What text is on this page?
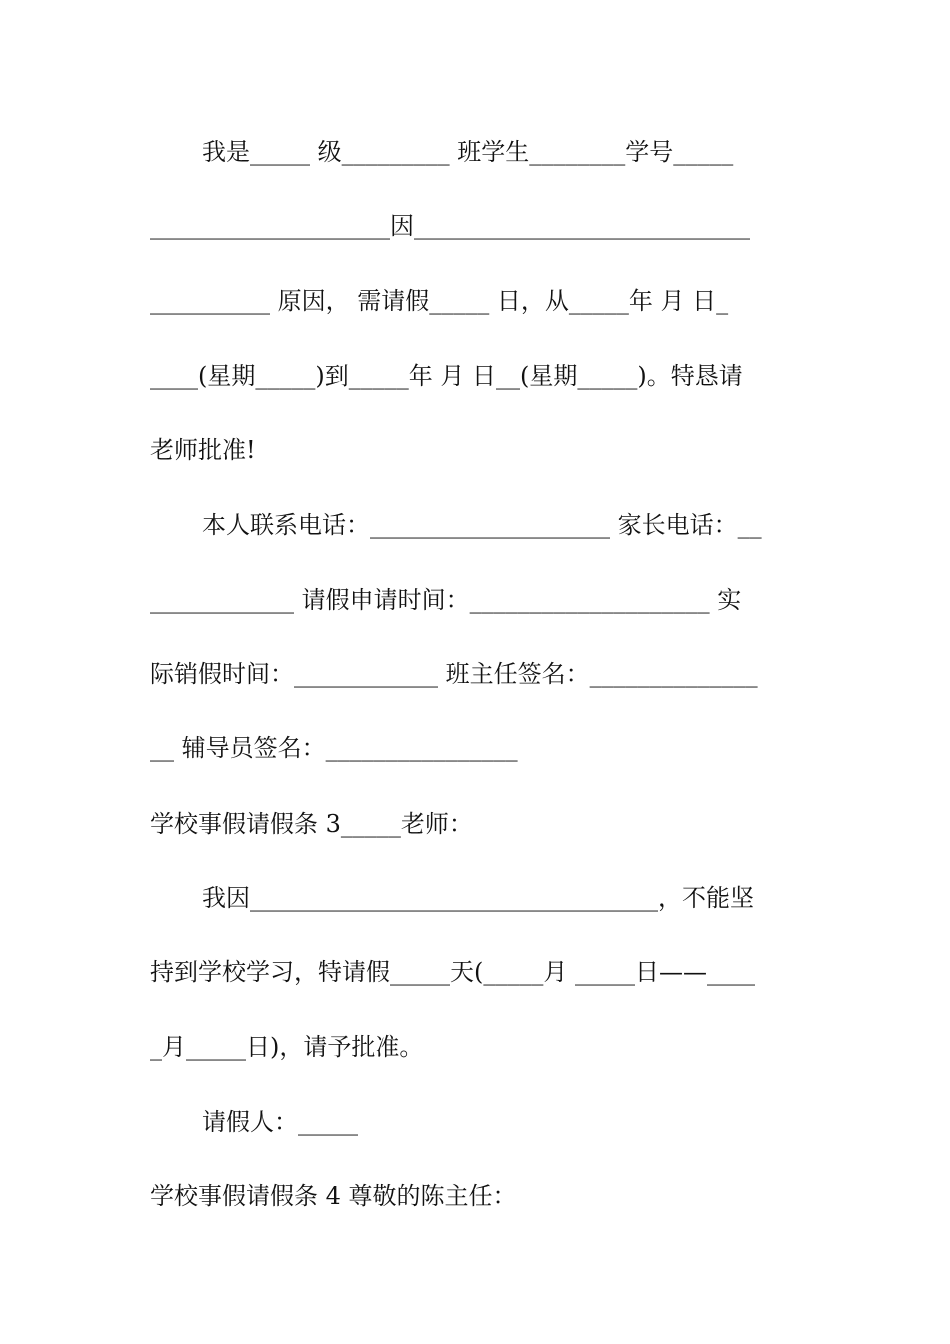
我是_____ 级_________ 班学生________学号_____
____________________因____________________________
__________ 原因， 需请假_____ 日，从_____年 月 日_
____(星期_____)到_____年 月 日__(星期_____)。特恳请
老师批准!
本人联系电话：____________________ 家长电话：__
____________ 请假申请时间：____________________ 实
际销假时间：____________ 班主任签名：______________
__ 辅导员签名：________________
学校事假请假条 3_____老师：
我因__________________________________，不能坚
持到学校学习，特请假_____天(_____月 _____日——____
_月_____日)，请予批准。
请假人：_____
学校事假请假条 4 尊敬的陈主任：
